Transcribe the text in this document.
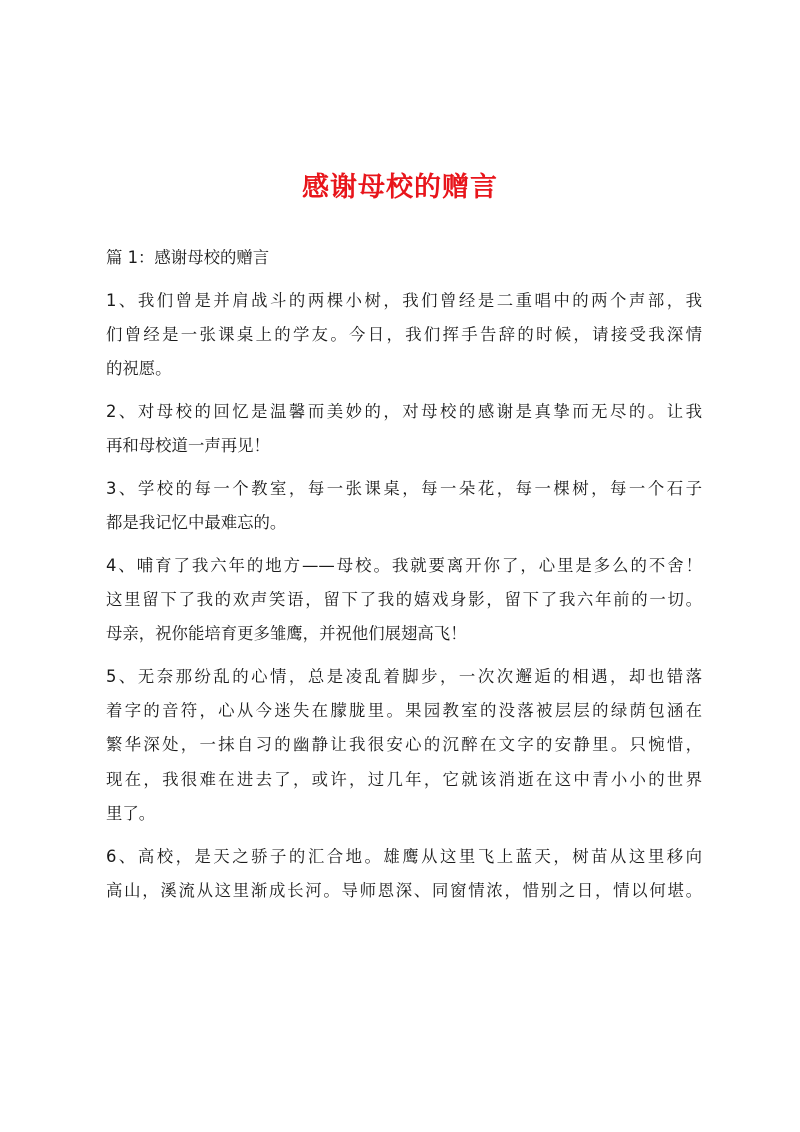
感谢母校的赠言
篇 1：感谢母校的赠言
1、我们曾是并肩战斗的两棵小树，我们曾经是二重唱中的两个声部，我
们曾经是一张课桌上的学友。今日，我们挥手告辞的时候，请接受我深情
的祝愿。
2、对母校的回忆是温馨而美妙的，对母校的感谢是真挚而无尽的。让我
再和母校道一声再见！
3、学校的每一个教室，每一张课桌，每一朵花，每一棵树，每一个石子
都是我记忆中最难忘的。
4、哺育了我六年的地方——母校。我就要离开你了，心里是多么的不舍！
这里留下了我的欢声笑语，留下了我的嬉戏身影，留下了我六年前的一切。
母亲，祝你能培育更多雏鹰，并祝他们展翅高飞！
5、无奈那纷乱的心情，总是凌乱着脚步，一次次邂逅的相遇，却也错落
着字的音符，心从今迷失在朦胧里。果园教室的没落被层层的绿荫包涵在
繁华深处，一抹自习的幽静让我很安心的沉醉在文字的安静里。只惋惜，
现在，我很难在进去了，或许，过几年，它就该消逝在这中青小小的世界
里了。
6、高校，是天之骄子的汇合地。雄鹰从这里飞上蓝天，树苗从这里移向
高山，溪流从这里渐成长河。导师恩深、同窗情浓，惜别之日，情以何堪。
